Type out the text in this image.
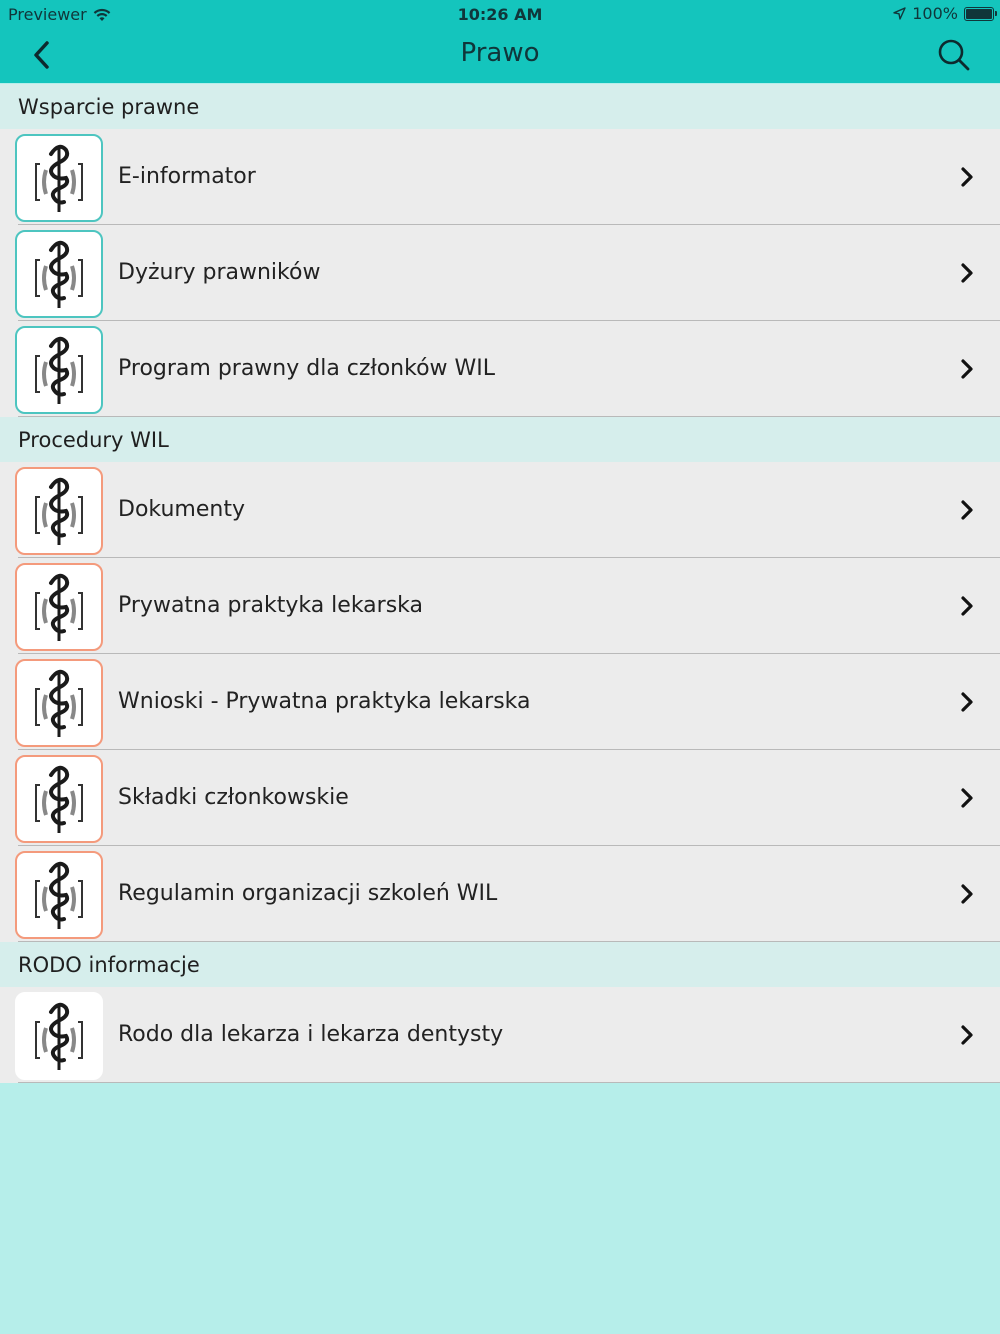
Previewer	10:26 AM	100%
Prawo
Wsparcie prawne
E-informator
Dyżury prawników
Program prawny dla członków WIL
Procedury WIL
Dokumenty
Prywatna praktyka lekarska
Wnioski - Prywatna praktyka lekarska
Składki członkowskie
Regulamin organizacji szkoleń WIL
RODO informacje
Rodo dla lekarza i lekarza dentysty
